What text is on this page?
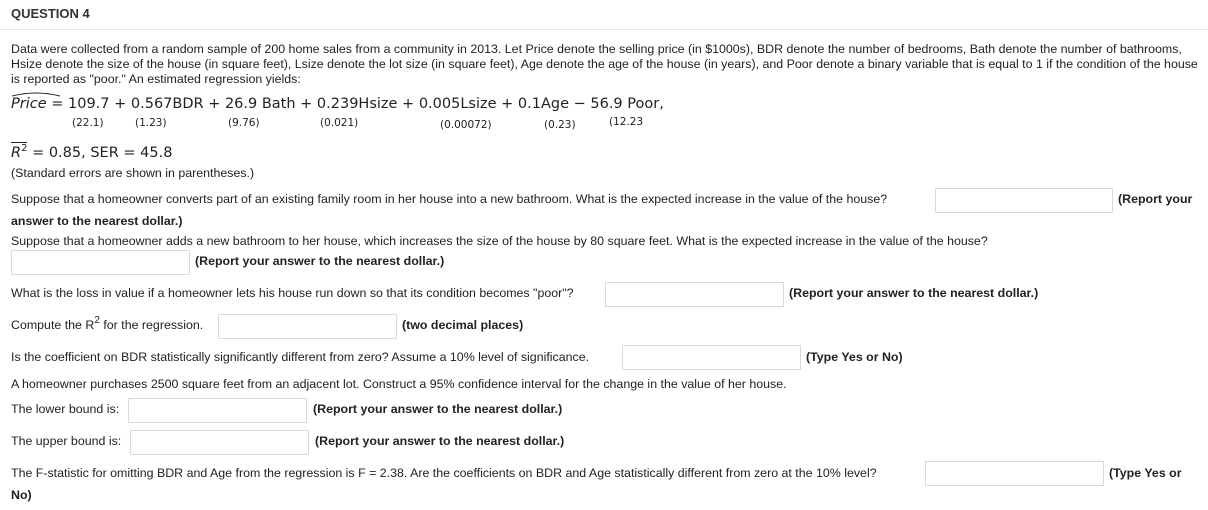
QUESTION 4
Data were collected from a random sample of 200 home sales from a community in 2013. Let Price denote the selling price (in $1000s), BDR denote the number of bedrooms, Bath denote the number of bathrooms, Hsize denote the size of the house (in square feet), Lsize denote the lot size (in square feet), Age denote the age of the house (in years), and Poor denote a binary variable that is equal to 1 if the condition of the house is reported as "poor." An estimated regression yields:
Price = 109.7 + 0.567BDR + 26.9 Bath + 0.239Hsize + 0.005Lsize + 0.1Age − 56.9 Poor,
(22.1)	(1.23)	(9.76)	(0.021)	(0.00072)	(0.23)	(12.23
$R^2 = 0.85$, SER = 45.8
(Standard errors are shown in parentheses.)
Suppose that a homeowner converts part of an existing family room in her house into a new bathroom. What is the expected increase in the value of the house?	(Report your
answer to the nearest dollar.)
Suppose that a homeowner adds a new bathroom to her house, which increases the size of the house by 80 square feet. What is the expected increase in the value of the house?
(Report your answer to the nearest dollar.)
What is the loss in value if a homeowner lets his house run down so that its condition becomes "poor"?	(Report your answer to the nearest dollar.)
Compute the $R^2$ for the regression.	(two decimal places)
Is the coefficient on BDR statistically significantly different from zero? Assume a 10% level of significance.	(Type Yes or No)
A homeowner purchases 2500 square feet from an adjacent lot. Construct a 95% confidence interval for the change in the value of her house.
The lower bound is:	(Report your answer to the nearest dollar.)
The upper bound is:	(Report your answer to the nearest dollar.)
The F-statistic for omitting BDR and Age from the regression is F = 2.38. Are the coefficients on BDR and Age statistically different from zero at the 10% level?	(Type Yes or
No)
